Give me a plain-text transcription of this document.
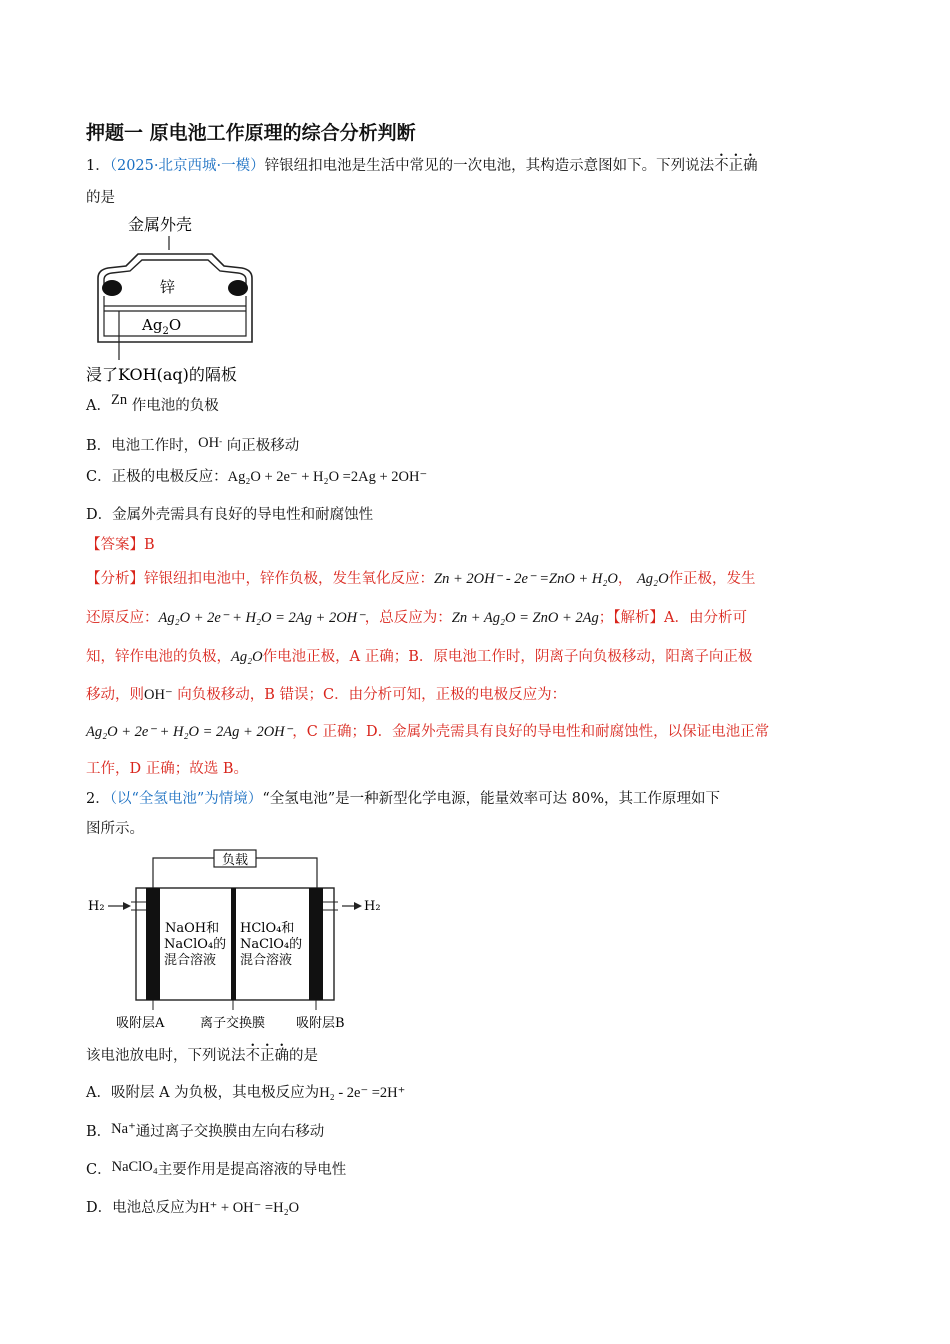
押题一 原电池工作原理的综合分析判断
1．（2025·北京西城·一模）锌银纽扣电池是生活中常见的一次电池，其构造示意图如下。下列说法不正确
的是
金属外壳
锌
$Ag_2O$
浸了KOH(aq)的隔板
A．Zn 作电池的负极
B．电池工作时，OH- 向正极移动
C．正极的电极反应：Ag₂O + 2e⁻ + H₂O =2Ag + 2OH⁻
D．金属外壳需具有良好的导电性和耐腐蚀性
【答案】B
【分析】锌银纽扣电池中，锌作负极，发生氧化反应：Zn + 2OH⁻ - 2e⁻ =ZnO + H₂O， Ag₂O作正极，发生
还原反应：Ag₂O + 2e⁻ + H₂O = 2Ag + 2OH⁻，总反应为：Zn + Ag₂O = ZnO + 2Ag；【解析】A．由分析可
知，锌作电池的负极，Ag₂O作电池正极，A 正确；B．原电池工作时，阴离子向负极移动，阳离子向正极
移动，则OH⁻ 向负极移动，B 错误；C．由分析可知，正极的电极反应为：
Ag₂O + 2e⁻ + H₂O = 2Ag + 2OH⁻，C 正确；D．金属外壳需具有良好的导电性和耐腐蚀性，以保证电池正常
工作，D 正确；故选 B。
2．（以“全氢电池”为情境）“全氢电池”是一种新型化学电源，能量效率可达 80%，其工作原理如下
图所示。
负载
H₂	H₂
NaOH和
NaClO₄的
混合溶液
HClO₄和
NaClO₄的
混合溶液
吸附层A	离子交换膜 吸附层B
该电池放电时，下列说法不正确的是
A．吸附层 A 为负极，其电极反应为H₂ - 2e⁻ =2H⁺
B．Na⁺通过离子交换膜由左向右移动
C．NaClO₄主要作用是提高溶液的导电性
D．电池总反应为H⁺ + OH⁻ =H₂O
